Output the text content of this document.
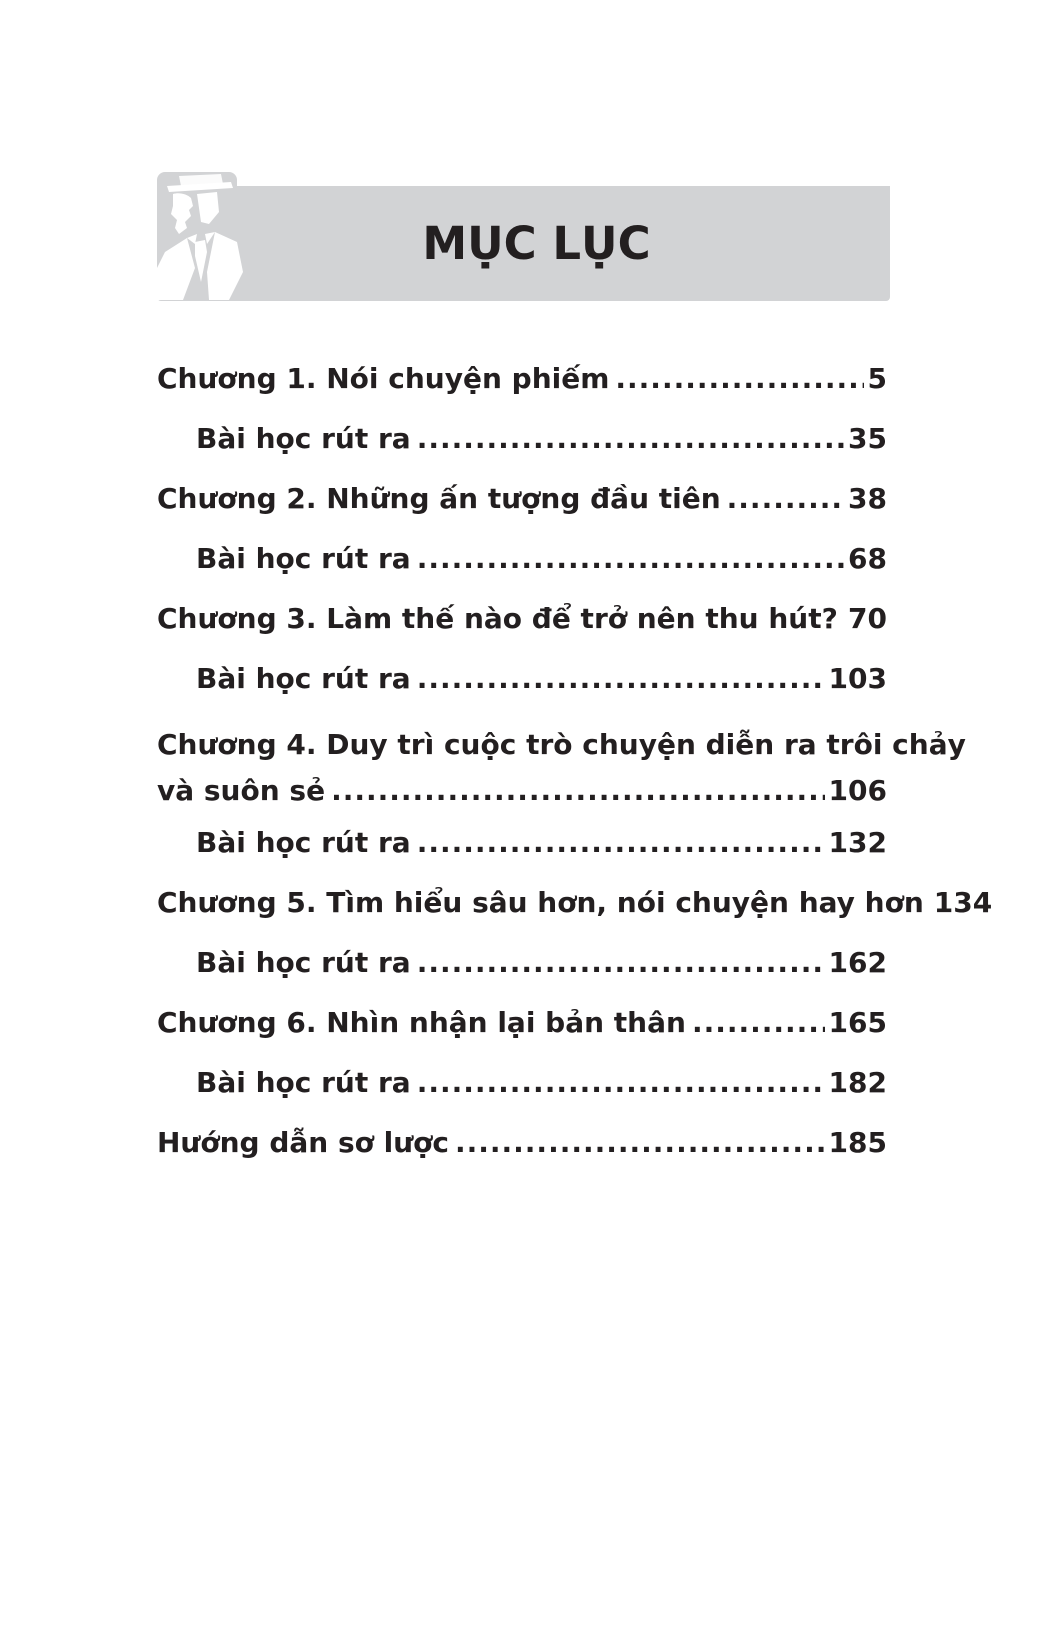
MỤC LỤC
Chương 1. Nói chuyện phiếm .....	5
Bài học rút ra .....	35
Chương 2. Những ấn tượng đầu tiên .....	38
Bài học rút ra .....	68
Chương 3. Làm thế nào để trở nên thu hút? ..... 70
Bài học rút ra .....	103
Chương 4. Duy trì cuộc trò chuyện diễn ra trôi chảy
và suôn sẻ .....	106
Bài học rút ra .....	132
Chương 5. Tìm hiểu sâu hơn, nói chuyện hay hơn 134
Bài học rút ra .....	162
Chương 6. Nhìn nhận lại bản thân .....	165
Bài học rút ra .....	182
Hướng dẫn sơ lược .....	185
